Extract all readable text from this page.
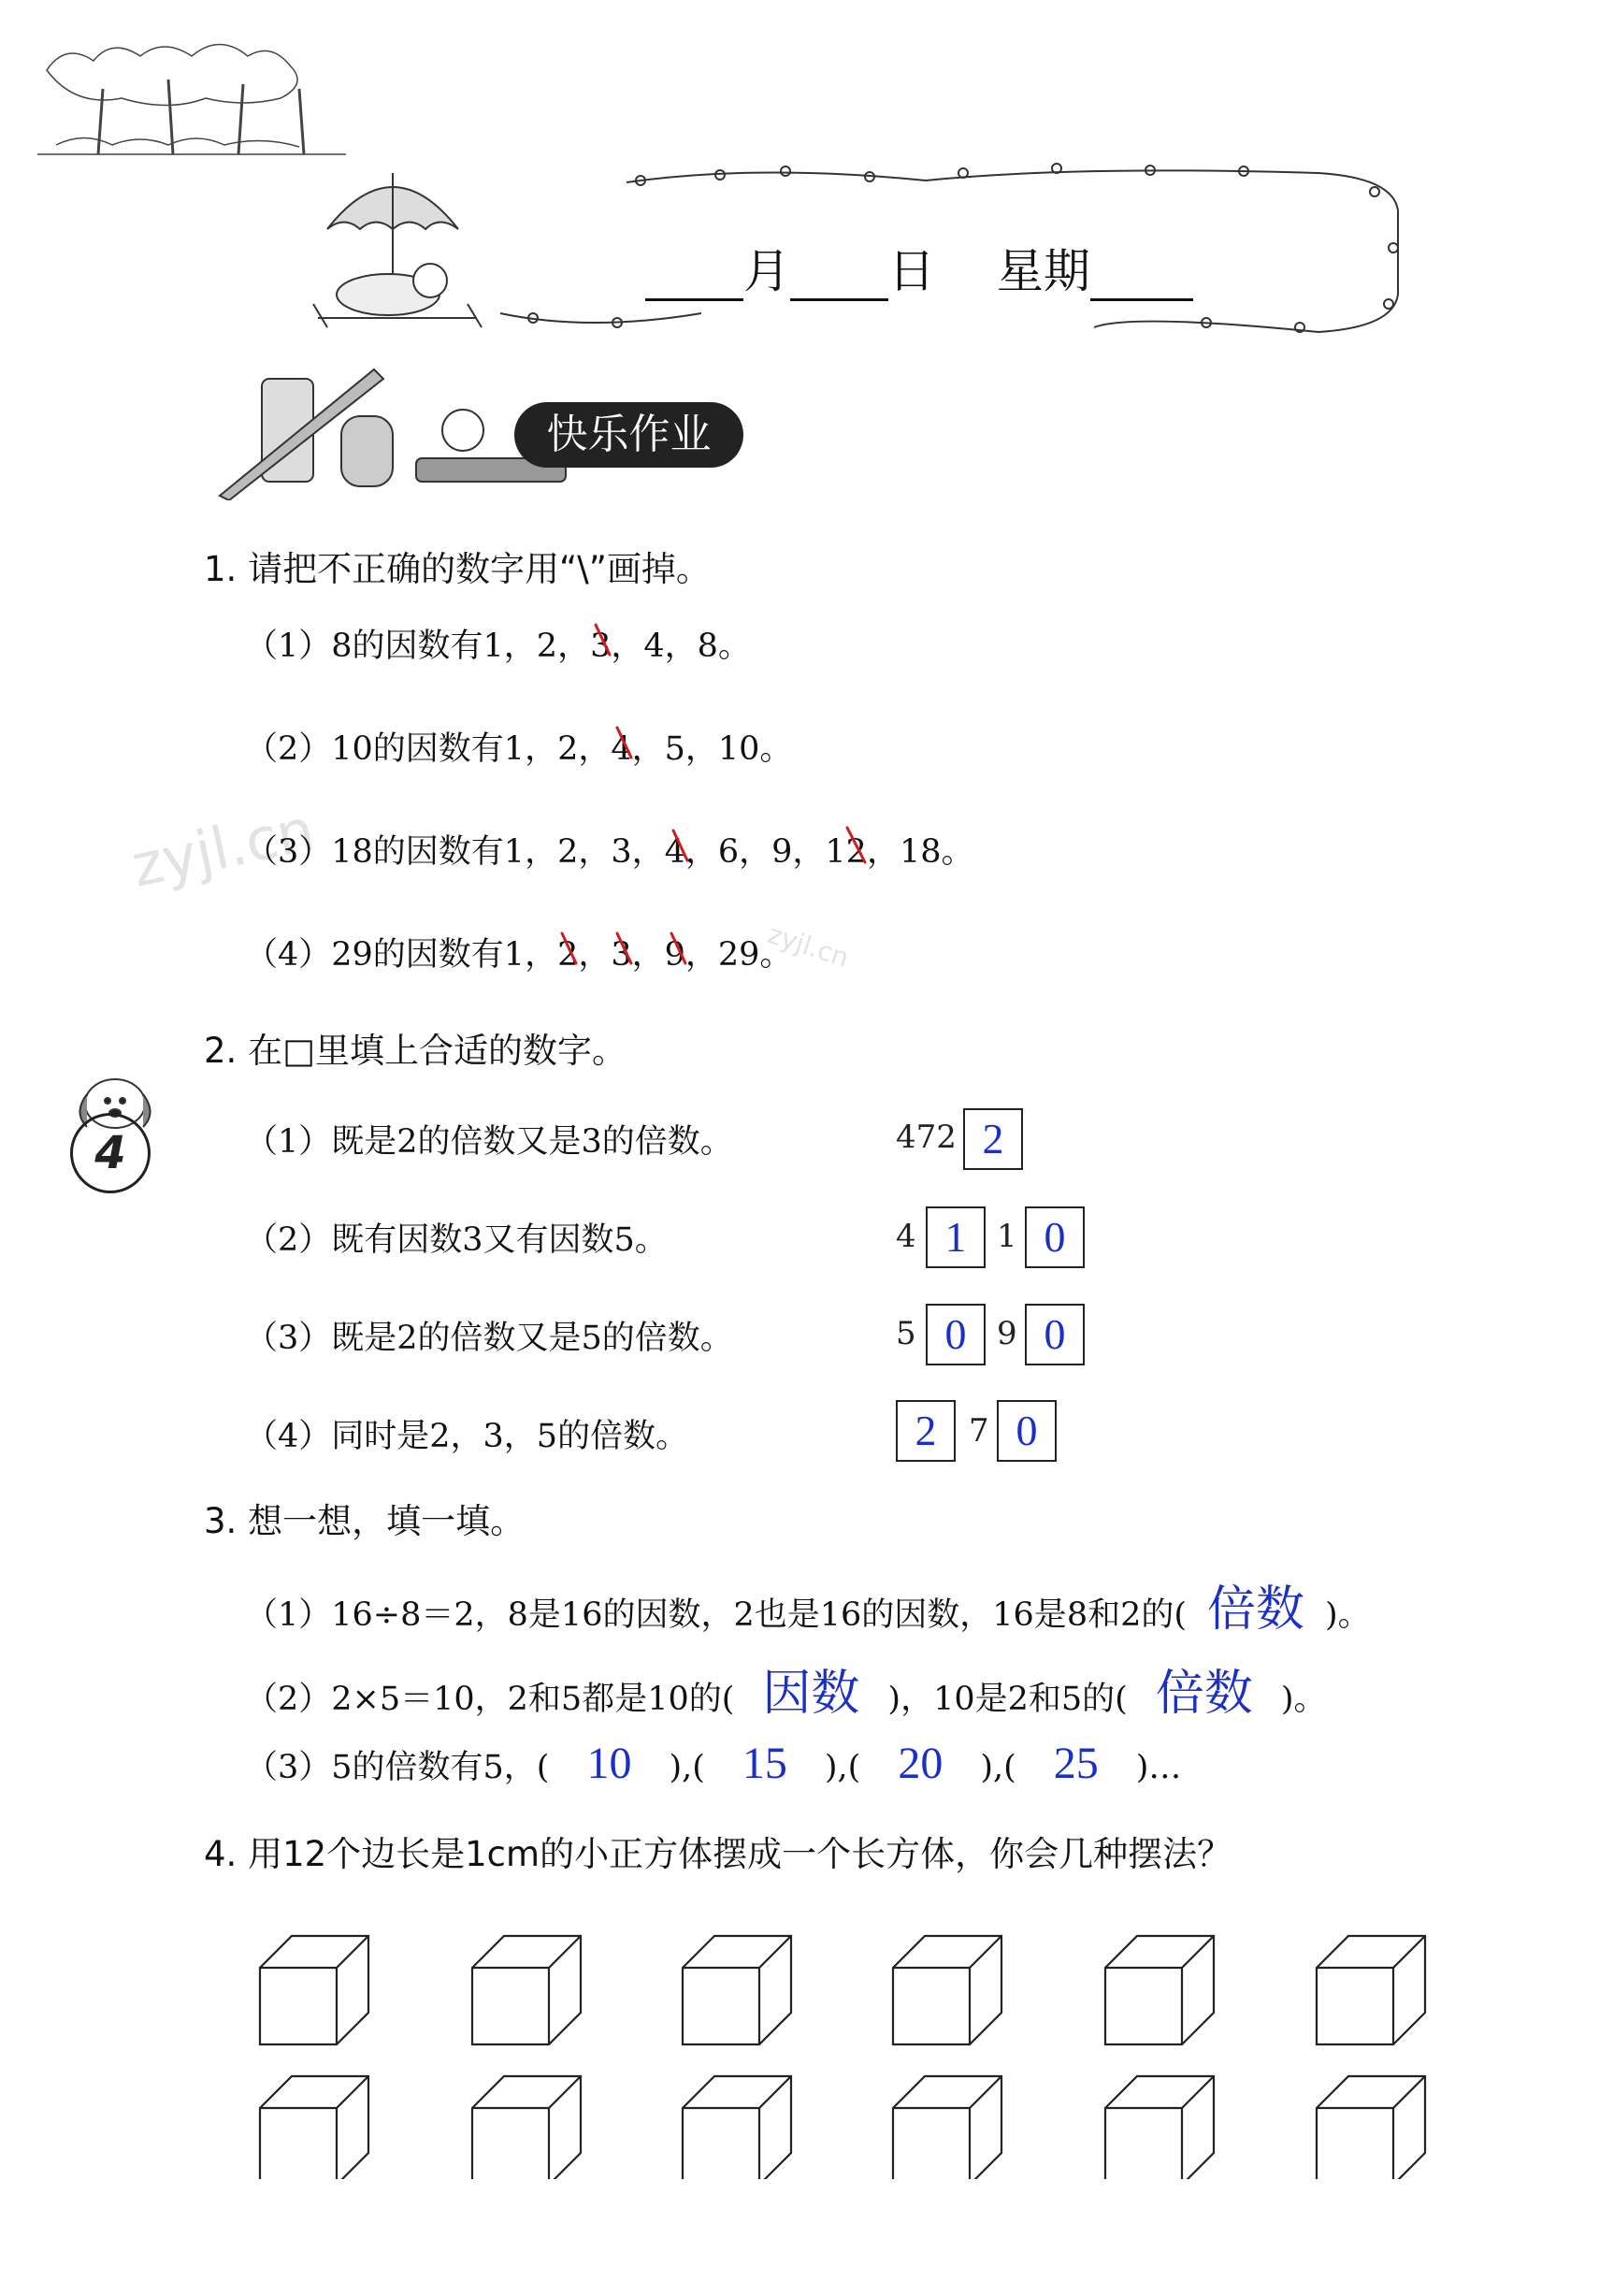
月 日 星期
快乐作业
zyjl.cn
zyjl.cn
4
1. 请把不正确的数字用“\”画掉。
（1）8的因数有1，2，3，4，8。
（2）10的因数有1，2，4，5，10。
（3）18的因数有1，2，3，4，6，9，12，18。
（4）29的因数有1，2，3，9，29。
2. 在□里填上合适的数字。
（1）既是2的倍数又是3的倍数。	472 2
（2）既有因数3又有因数5。	4 1 1 0
（3）既是2的倍数又是5的倍数。	5 0 9 0
（4）同时是2，3，5的倍数。	2	7 0
3. 想一想，填一填。
（1）16÷8＝2，8是16的因数，2也是16的因数，16是8和2的( 倍数 )。
（2）2×5＝10，2和5都是10的( 因数 )，10是2和5的( 倍数 )。
（3）5的倍数有5，( 10 ),( 15 ),( 20 ),( 25 )…
4. 用12个边长是1cm的小正方体摆成一个长方体，你会几种摆法？
